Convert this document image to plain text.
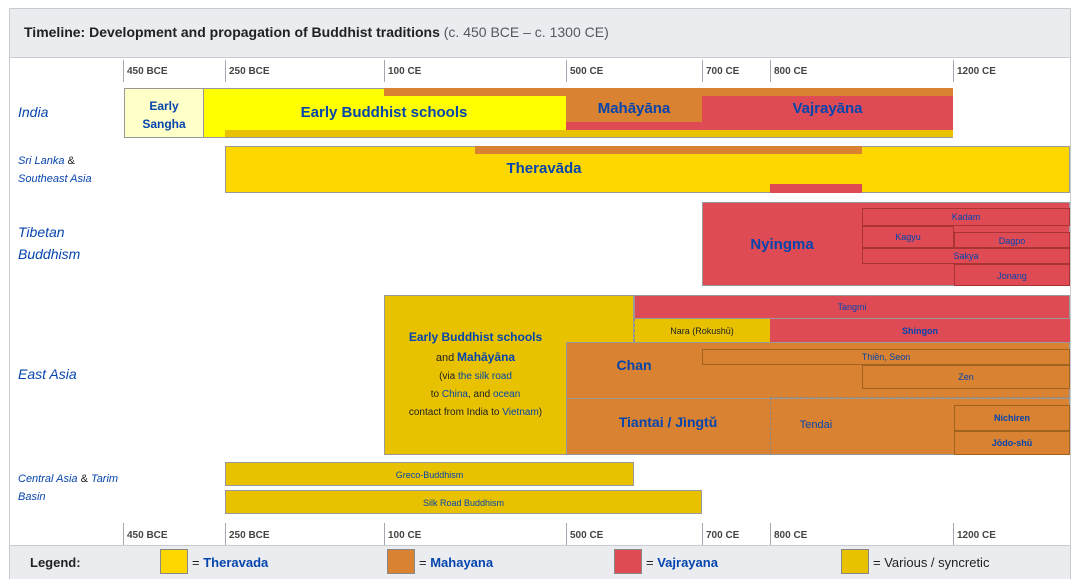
Timeline: Development and propagation of Buddhist traditions (c. 450 BCE – c. 1300 CE)
450 BCE	250 BCE	100 CE	500 CE	700 CE	800 CE	1200 CE
India
Sri Lanka &
Southeast Asia
Tibetan
Buddhism
East Asia
Central Asia & Tarim
Basin
Early
Sangha
Early Buddhist schools	Mahāyāna	Vajrayāna
Theravāda
Nyingma
Kadam
Kagyu	Dagpo
Sakya
Jonang
Early Buddhist schools
and Mahāyāna
(via the silk road
to China, and ocean
contact from India to Vietnam)
Tangmi
Nara (Rokushū)	Shingon
Chan	Thiền, Seon
Zen
Tiantai / Jìngtǔ	Tendai
Nichiren
Jōdo-shū
Greco-Buddhism
Silk Road Buddhism
450 BCE	250 BCE	100 CE	500 CE	700 CE	800 CE	1200 CE
Legend:	= Theravada	= Mahayana	= Vajrayana	= Various / syncretic
